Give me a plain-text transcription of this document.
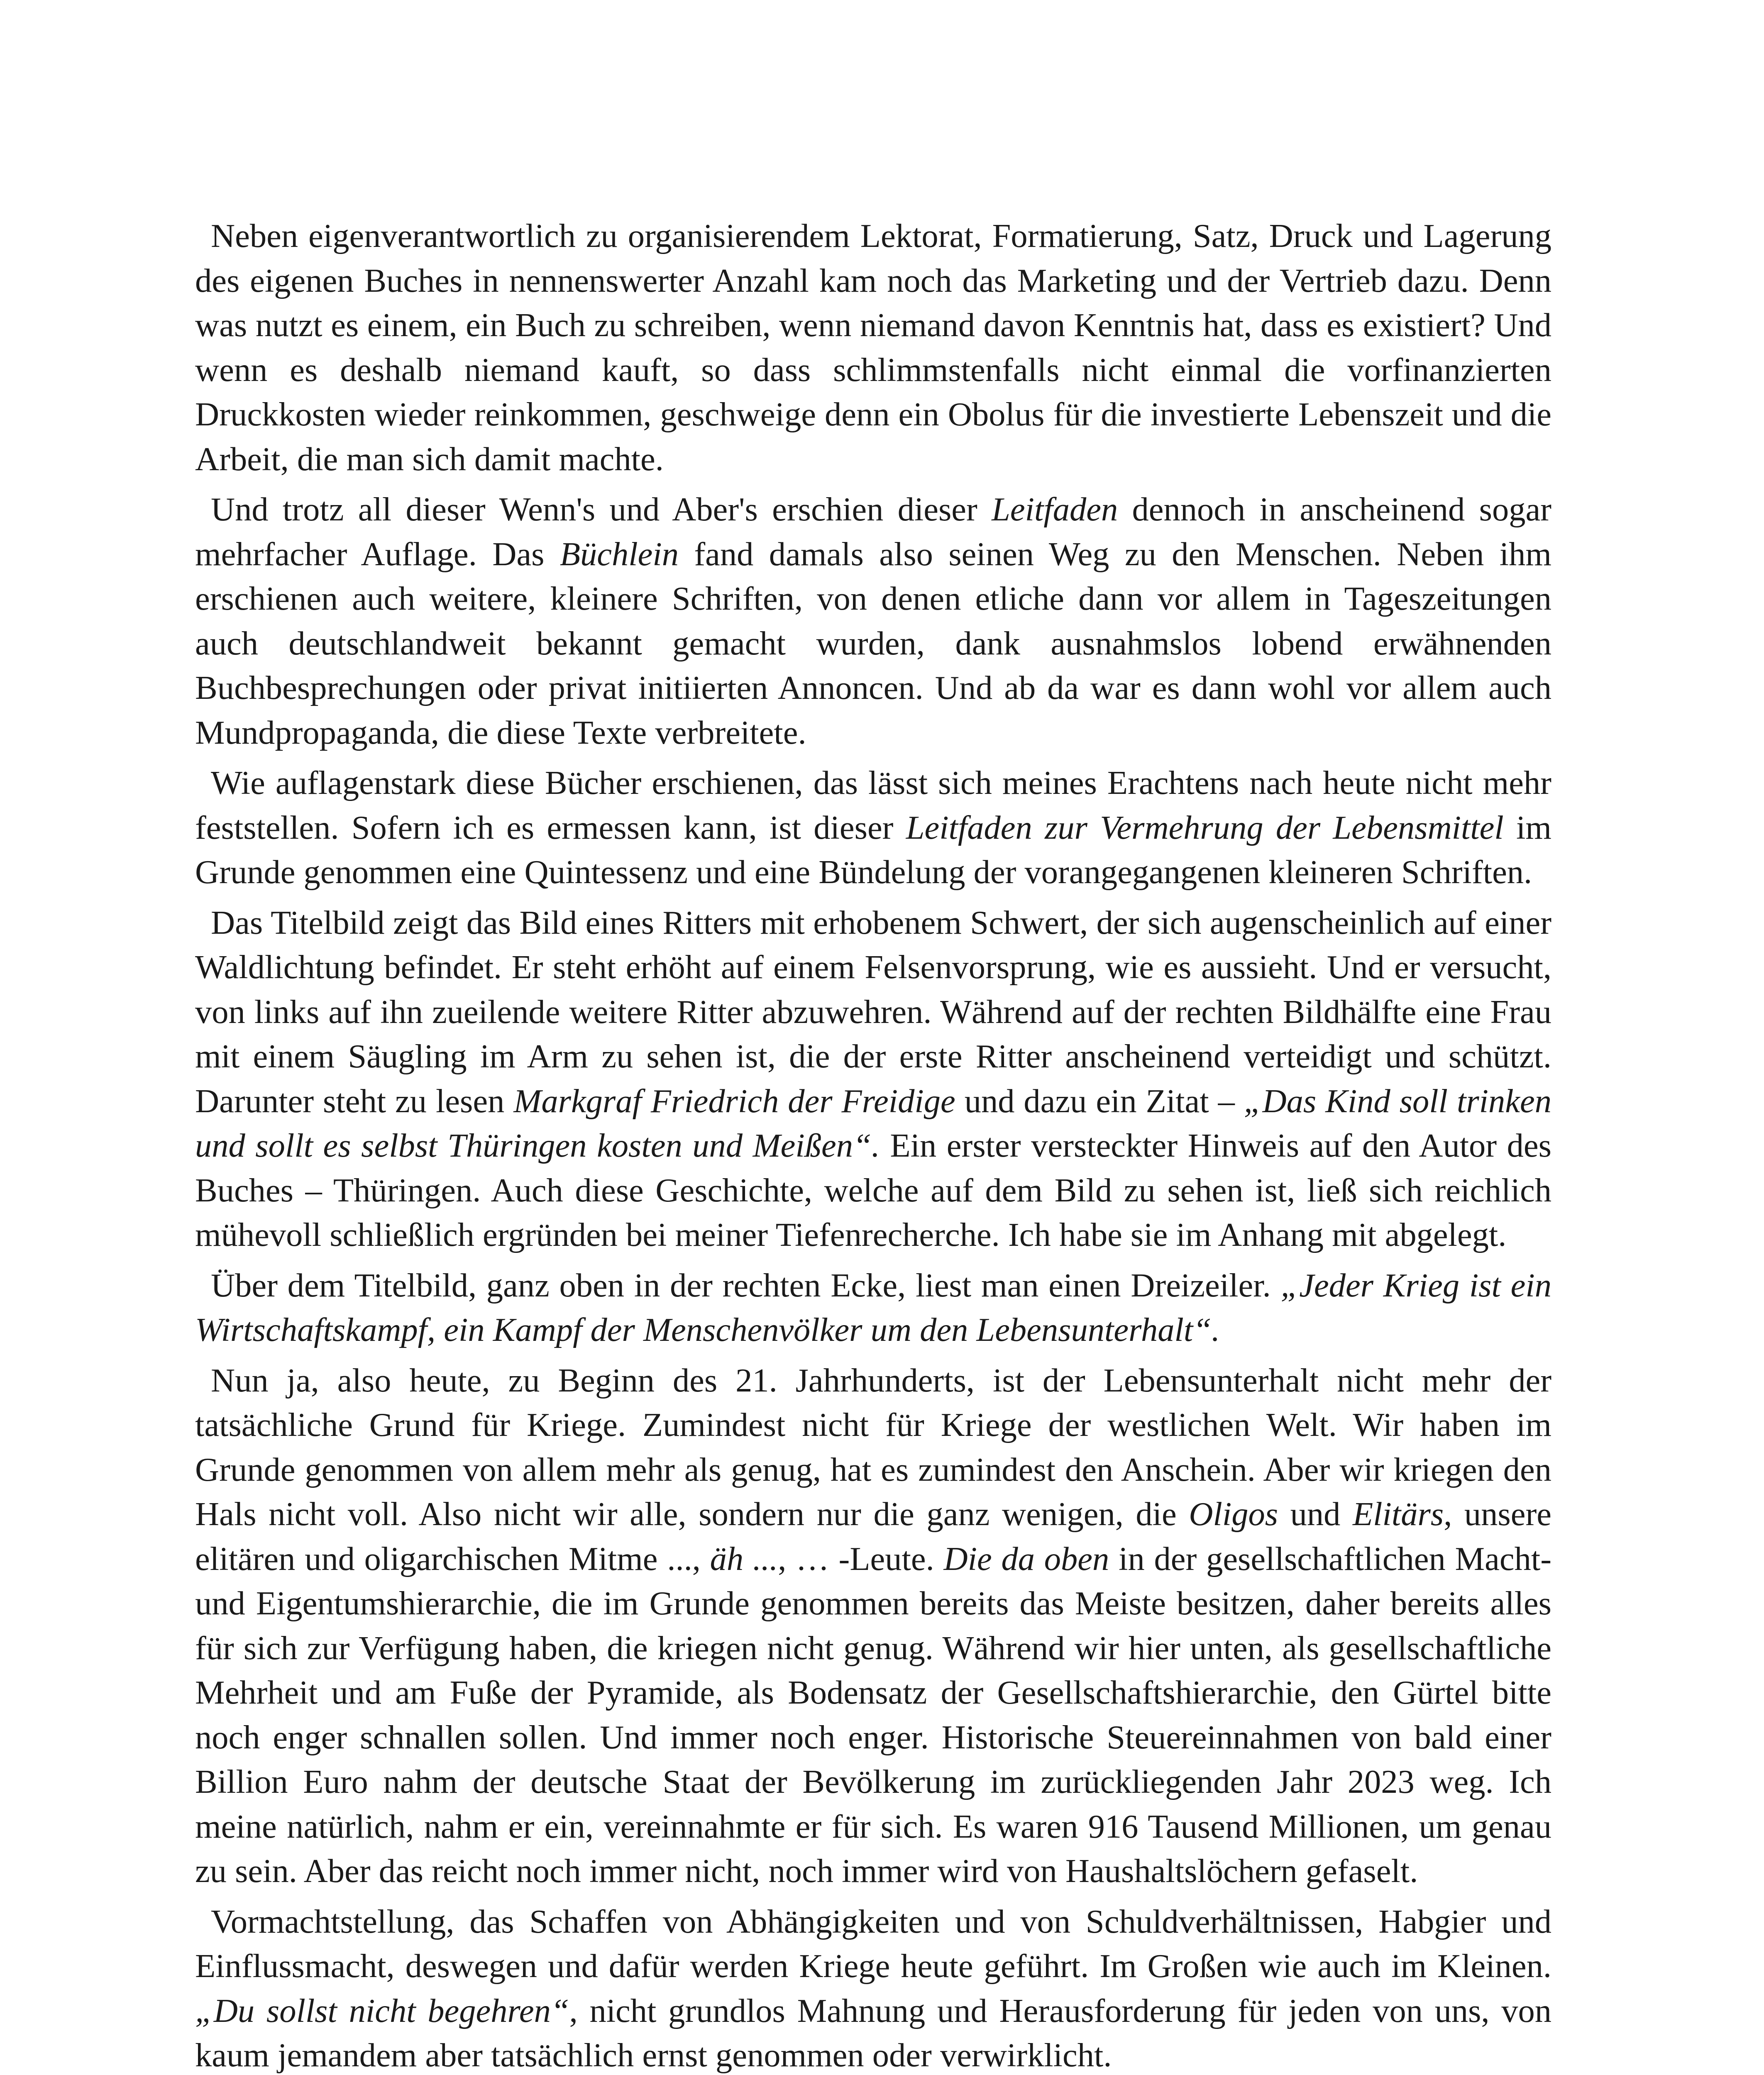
Neben eigenverantwortlich zu organisierendem Lektorat, Formatierung, Satz, Druck und Lagerung des eigenen Buches in nennenswerter Anzahl kam noch das Marketing und der Vertrieb dazu. Denn was nutzt es einem, ein Buch zu schreiben, wenn niemand davon Kenntnis hat, dass es existiert? Und wenn es deshalb niemand kauft, so dass schlimmstenfalls nicht einmal die vorfinanzierten Druckkosten wieder reinkommen, geschweige denn ein Obolus für die investierte Lebenszeit und die Arbeit, die man sich damit machte.

Und trotz all dieser Wenn's und Aber's erschien dieser Leitfaden dennoch in anscheinend sogar mehrfacher Auflage. Das Büchlein fand damals also seinen Weg zu den Menschen. Neben ihm erschienen auch weitere, kleinere Schriften, von denen etliche dann vor allem in Tageszeitungen auch deutschlandweit bekannt gemacht wurden, dank ausnahmslos lobend erwähnenden Buchbesprechungen oder privat initiierten Annoncen. Und ab da war es dann wohl vor allem auch Mundpropaganda, die diese Texte verbreitete.

Wie auflagenstark diese Bücher erschienen, das lässt sich meines Erachtens nach heute nicht mehr feststellen. Sofern ich es ermessen kann, ist dieser Leitfaden zur Vermehrung der Lebensmittel im Grunde genommen eine Quintessenz und eine Bündelung der vorangegangenen kleineren Schriften.

Das Titelbild zeigt das Bild eines Ritters mit erhobenem Schwert, der sich augenscheinlich auf einer Waldlichtung befindet. Er steht erhöht auf einem Felsenvorsprung, wie es aussieht. Und er versucht, von links auf ihn zueilende weitere Ritter abzuwehren. Während auf der rechten Bildhälfte eine Frau mit einem Säugling im Arm zu sehen ist, die der erste Ritter anscheinend verteidigt und schützt. Darunter steht zu lesen Markgraf Friedrich der Freidige und dazu ein Zitat – „Das Kind soll trinken und sollt es selbst Thüringen kosten und Meißen“. Ein erster versteckter Hinweis auf den Autor des Buches – Thüringen. Auch diese Geschichte, welche auf dem Bild zu sehen ist, ließ sich reichlich mühevoll schließlich ergründen bei meiner Tiefenrecherche. Ich habe sie im Anhang mit abgelegt.

Über dem Titelbild, ganz oben in der rechten Ecke, liest man einen Dreizeiler. „Jeder Krieg ist ein Wirtschaftskampf, ein Kampf der Menschenvölker um den Lebensunterhalt“.

Nun ja, also heute, zu Beginn des 21. Jahrhunderts, ist der Lebensunterhalt nicht mehr der tatsächliche Grund für Kriege. Zumindest nicht für Kriege der westlichen Welt. Wir haben im Grunde genommen von allem mehr als genug, hat es zumindest den Anschein. Aber wir kriegen den Hals nicht voll. Also nicht wir alle, sondern nur die ganz wenigen, die Oligos und Elitärs, unsere elitären und oligarchischen Mitme ..., äh ..., … -Leute. Die da oben in der gesellschaftlichen Macht- und Eigentumshierarchie, die im Grunde genommen bereits das Meiste besitzen, daher bereits alles für sich zur Verfügung haben, die kriegen nicht genug. Während wir hier unten, als gesellschaftliche Mehrheit und am Fuße der Pyramide, als Bodensatz der Gesellschaftshierarchie, den Gürtel bitte noch enger schnallen sollen. Und immer noch enger. Historische Steuereinnahmen von bald einer Billion Euro nahm der deutsche Staat der Bevölkerung im zurückliegenden Jahr 2023 weg. Ich meine natürlich, nahm er ein, vereinnahmte er für sich. Es waren 916 Tausend Millionen, um genau zu sein. Aber das reicht noch immer nicht, noch immer wird von Haushaltslöchern gefaselt.

Vormachtstellung, das Schaffen von Abhängigkeiten und von Schuldverhältnissen, Habgier und Einflussmacht, deswegen und dafür werden Kriege heute geführt. Im Großen wie auch im Kleinen. „Du sollst nicht begehren“, nicht grundlos Mahnung und Herausforderung für jeden von uns, von kaum jemandem aber tatsächlich ernst genommen oder verwirklicht.
